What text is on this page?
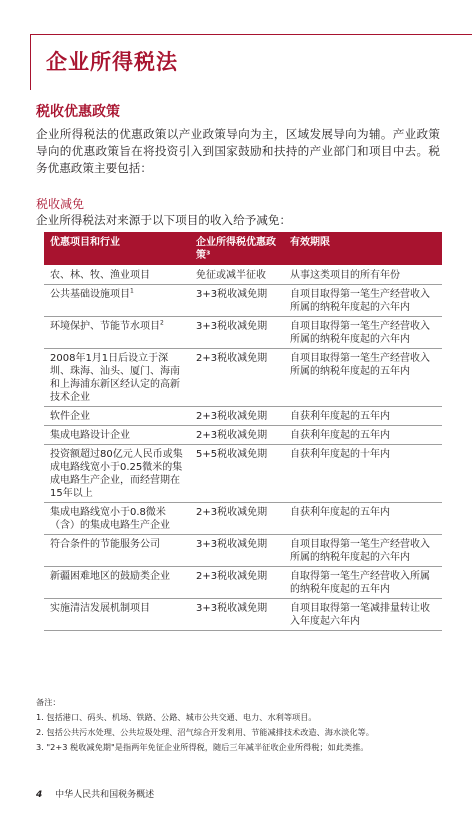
企业所得税法
税收优惠政策
企业所得税法的优惠政策以产业政策导向为主，区域发展导向为辅。产业政策导向的优惠政策旨在将投资引入到国家鼓励和扶持的产业部门和项目中去。税务优惠政策主要包括：
税收减免
企业所得税法对来源于以下项目的收入给予减免：
优惠项目和行业	企业所得税优惠政策³	有效期限
农、林、牧、渔业项目	免征或减半征收	从事这类项目的所有年份
公共基础设施项目$^1$	3+3税收减免期	自项目取得第一笔生产经营收入所属的纳税年度起的六年内
环境保护、节能节水项目$^2$	3+3税收减免期	自项目取得第一笔生产经营收入所属的纳税年度起的六年内
2008年1月1日后设立于深圳、珠海、汕头、厦门、海南和上海浦东新区经认定的高新技术企业	2+3税收减免期	自项目取得第一笔生产经营收入所属的纳税年度起的五年内
软件企业	2+3税收减免期	自获利年度起的五年内
集成电路设计企业	2+3税收减免期	自获利年度起的五年内
投资额超过80亿元人民币或集成电路线宽小于0.25微米的集成电路生产企业，而经营期在15年以上	5+5税收减免期	自获利年度起的十年内
集成电路线宽小于0.8微米（含）的集成电路生产企业	2+3税收减免期	自获利年度起的五年内
符合条件的节能服务公司	3+3税收减免期	自项目取得第一笔生产经营收入所属的纳税年度起的六年内
新疆困难地区的鼓励类企业	2+3税收减免期	自取得第一笔生产经营收入所属的纳税年度起的五年内
实施清洁发展机制项目	3+3税收减免期	自项目取得第一笔减排量转让收入年度起六年内
备注：
1. 包括港口、码头、机场、铁路、公路、城市公共交通、电力、水利等项目。
2. 包括公共污水处理、公共垃圾处理、沼气综合开发利用、节能减排技术改造、海水淡化等。
3. "2+3 税收减免期"是指两年免征企业所得税，随后三年减半征收企业所得税；如此类推。
4 中华人民共和国税务概述
